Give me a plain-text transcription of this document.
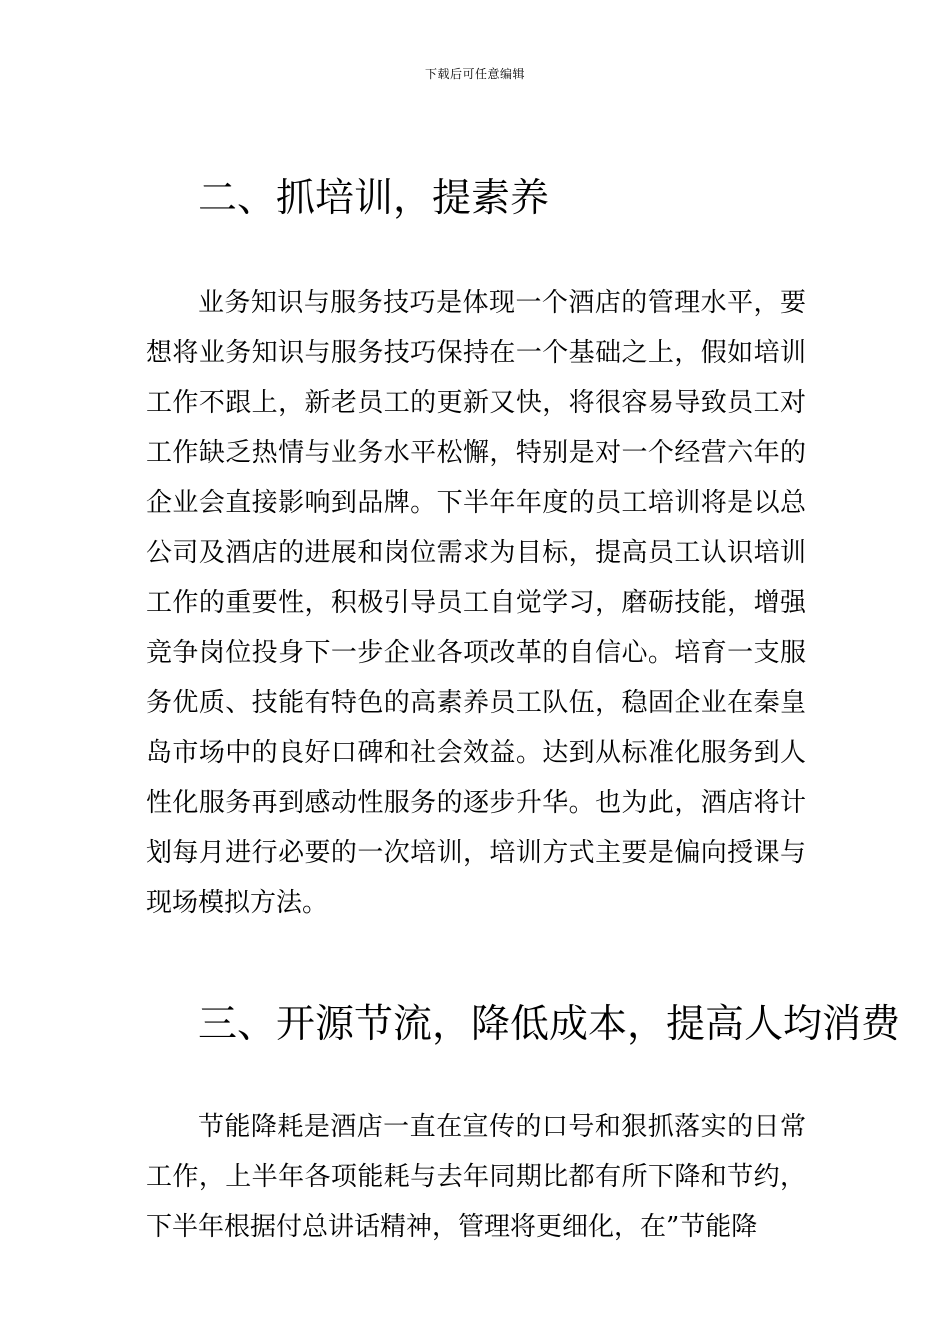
下载后可任意编辑
二、抓培训，提素养

业务知识与服务技巧是体现一个酒店的管理水平，要想将业务知识与服务技巧保持在一个基础之上，假如培训工作不跟上，新老员工的更新又快，将很容易导致员工对工作缺乏热情与业务水平松懈，特别是对一个经营六年的企业会直接影响到品牌。下半年年度的员工培训将是以总公司及酒店的进展和岗位需求为目标，提高员工认识培训工作的重要性，积极引导员工自觉学习，磨砺技能，增强竞争岗位投身下一步企业各项改革的自信心。培育一支服务优质、技能有特色的高素养员工队伍，稳固企业在秦皇岛市场中的良好口碑和社会效益。达到从标准化服务到人性化服务再到感动性服务的逐步升华。也为此，酒店将计划每月进行必要的一次培训，培训方式主要是偏向授课与现场模拟方法。

三、开源节流，降低成本，提高人均消费

节能降耗是酒店一直在宣传的口号和狠抓落实的日常工作，上半年各项能耗与去年同期比都有所下降和节约，下半年根据付总讲话精神，管理将更细化，在”节能降
